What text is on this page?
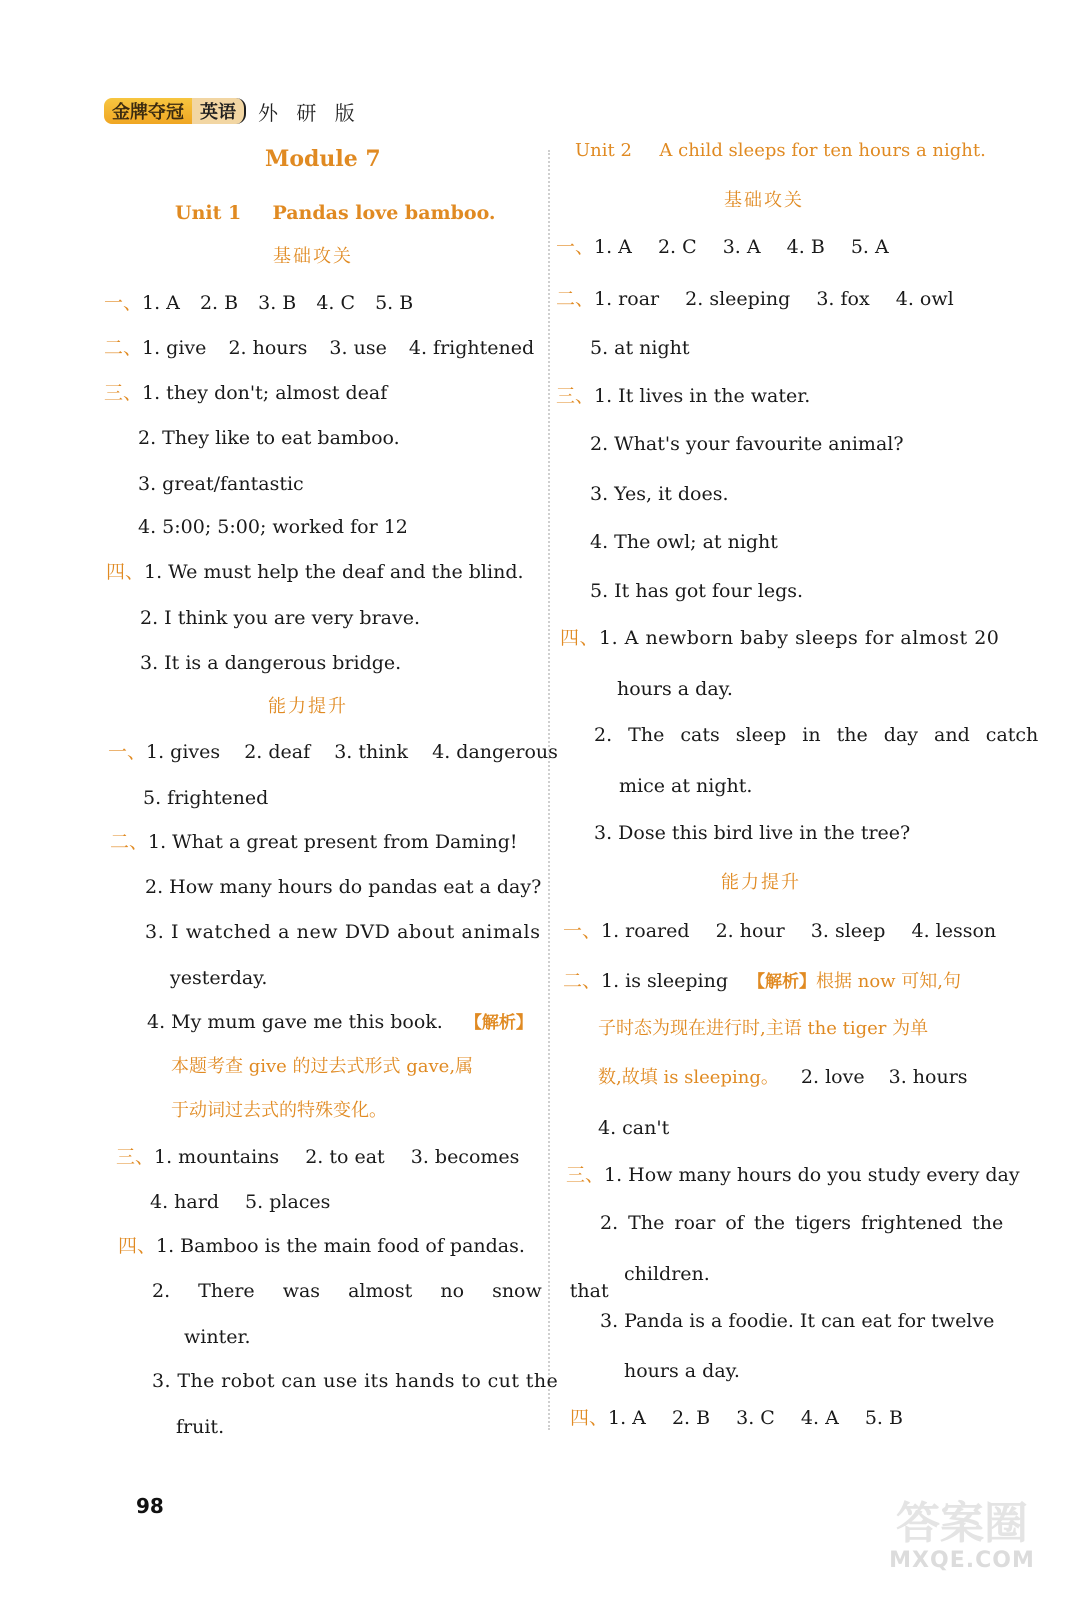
金牌夺冠 英语	外 研 版
Module 7
Unit 1 Pandas love bamboo.
基础攻关
一、1. A 2. B 3. B 4. C 5. B
二、1. give 2. hours 3. use 4. frightened
三、1. they don't; almost deaf
2. They like to eat bamboo.
3. great/fantastic
4. 5:00; 5:00; worked for 12
四、1. We must help the deaf and the blind.
2. I think you are very brave.
3. It is a dangerous bridge.
能力提升
一、1. gives 2. deaf 3. think 4. dangerous
5. frightened
二、1. What a great present from Daming!
2. How many hours do pandas eat a day?
3. I watched a new DVD about animals
yesterday.
4. My mum gave me this book. 【解析】
本题考查 give 的过去式形式 gave,属
于动词过去式的特殊变化。
三、1. mountains 2. to eat 3. becomes
4. hard 5. places
四、1. Bamboo is the main food of pandas.
2. There was almost no snow that
winter.
3. The robot can use its hands to cut the
fruit.
Unit 2 A child sleeps for ten hours a night.
基础攻关
一、1. A 2. C 3. A 4. B 5. A
二、1. roar 2. sleeping 3. fox 4. owl
5. at night
三、1. It lives in the water.
2. What's your favourite animal?
3. Yes, it does.
4. The owl; at night
5. It has got four legs.
四、1. A newborn baby sleeps for almost 20
hours a day.
2. The cats sleep in the day and catch
mice at night.
3. Dose this bird live in the tree?
能力提升
一、1. roared 2. hour 3. sleep 4. lesson
二、1. is sleeping 【解析】根据 now 可知,句
子时态为现在进行时,主语 the tiger 为单
数,故填 is sleeping。 2. love 3. hours
4. can't
三、1. How many hours do you study every day
2. The roar of the tigers frightened the
children.
3. Panda is a foodie. It can eat for twelve
hours a day.
四、1. A 2. B 3. C 4. A 5. B
98	答案圈
MXQE.COM
